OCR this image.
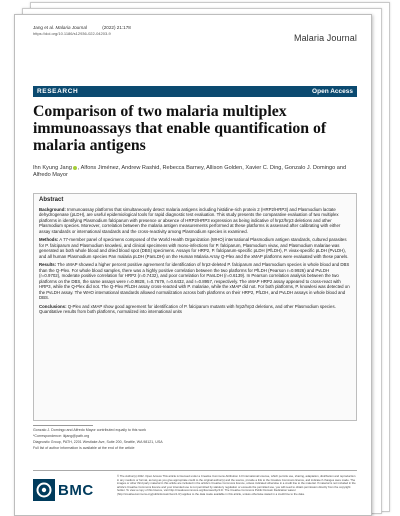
Jang et al. Malaria Journal	(2022) 21:178
https://doi.org/10.1186/s12936-022-04203-9	Malaria Journal
RESEARCH	Open Access
Comparison of two malaria multiplex immunoassays that enable quantification of malaria antigens
Ihn Kyung Jang , Alfons Jiménez, Andrew Rashid, Rebecca Barney, Allison Golden, Xavier C. Ding, Gonzalo J. Domingo and Alfredo Mayor
Abstract

Background: Immunoassay platforms that simultaneously detect malaria antigens including histidine-rich protein 2 (HRP2/HRP3) and Plasmodium lactate dehydrogenase (pLDH), are useful epidemiological tools for rapid diagnostic test evaluation. This study presents the comparative evaluation of two multiplex platforms in identifying Plasmodium falciparum with presence or absence of HRP2/HRP3 expression as being indicative of hrp2/hrp3 deletions and other Plasmodium species. Moreover, correlation between the malaria antigen measurements performed at these platforms is assessed after calibrating with either assay standards or international standards and the cross-reactivity among Plasmodium species is examined.

Methods: A 77-member panel of specimens composed of the World Health Organization (WHO) international Plasmodium antigen standards, cultured parasites for P. falciparum and Plasmodium knowlesi, and clinical specimens with mono-infections for P. falciparum, Plasmodium vivax, and Plasmodium malariae was generated as both whole blood and dried blood spot (DBS) specimens. Assays for HRP2, P. falciparum-specific pLDH (PfLDH), P. vivax-specific pLDH (PvLDH), and all human Plasmodium species Pan malaria pLDH (PanLDH) on the Human Malaria Array Q-Plex and the xMAP platforms were evaluated with these panels.

Results: The xMAP showed a higher percent positive agreement for identification of hrp2-deleted P. falciparum and Plasmodium species in whole blood and DBS than the Q-Plex. For whole blood samples, there was a highly positive correlation between the two platforms for PfLDH (Pearson r=0.9926) and PvLDH (r=0.9702), moderate positive correlation for HRP2 (r=0.7432), and poor correlation for PanLDH (r=0.6139). In Pearson correlation analysis between the two platforms on the DBS, the same assays were r=0.9828, r=0.7679, r=0.6432, and r=0.8957, respectively. The xMAP HRP2 assay appeared to cross-react with HRP3, while the Q-Plex did not. The Q-Plex PfLDH assay cross-reacted with P. malariae, while the xMAP did not. For both platforms, P. knowlesi was detected on the PvLDH assay. The WHO international standards allowed normalization across both platforms on their HRP2, PfLDH, and PvLDH assays in whole blood and DBS.

Conclusions: Q-Plex and xMAP show good agreement for identification of P. falciparum mutants with hrp2/hrp3 deletions, and other Plasmodium species. Quantitative results from both platforms, normalized into international units

Gonzalo J. Domingo and Alfredo Mayor contributed equally to this work

*Correspondence: ikjang@path.org

Diagnostic Group, PATH, 2201 Westlake Ave, Suite 200, Seattle, WA 98121, USA

Full list of author information is available at the end of the article

BMC
© The Author(s) 2022. Open Access This article is licensed under a Creative Commons Attribution 4.0 International License, which permits use, sharing, adaptation, distribution and reproduction in any medium or format, as long as you give appropriate credit to the original author(s) and the source, provide a link to the Creative Commons licence, and indicate if changes were made. The images or other third party material in this article are included in the article's Creative Commons licence, unless indicated otherwise in a credit line to the material. If material is not included in the article's Creative Commons licence and your intended use is not permitted by statutory regulation or exceeds the permitted use, you will need to obtain permission directly from the copyright holder. To view a copy of this licence, visit http://creativecommons.org/licenses/by/4.0/. The Creative Commons Public Domain Dedication waiver (http://creativecommons.org/publicdomain/zero/1.0/) applies to the data made available in this article, unless otherwise stated in a credit line to the data.
